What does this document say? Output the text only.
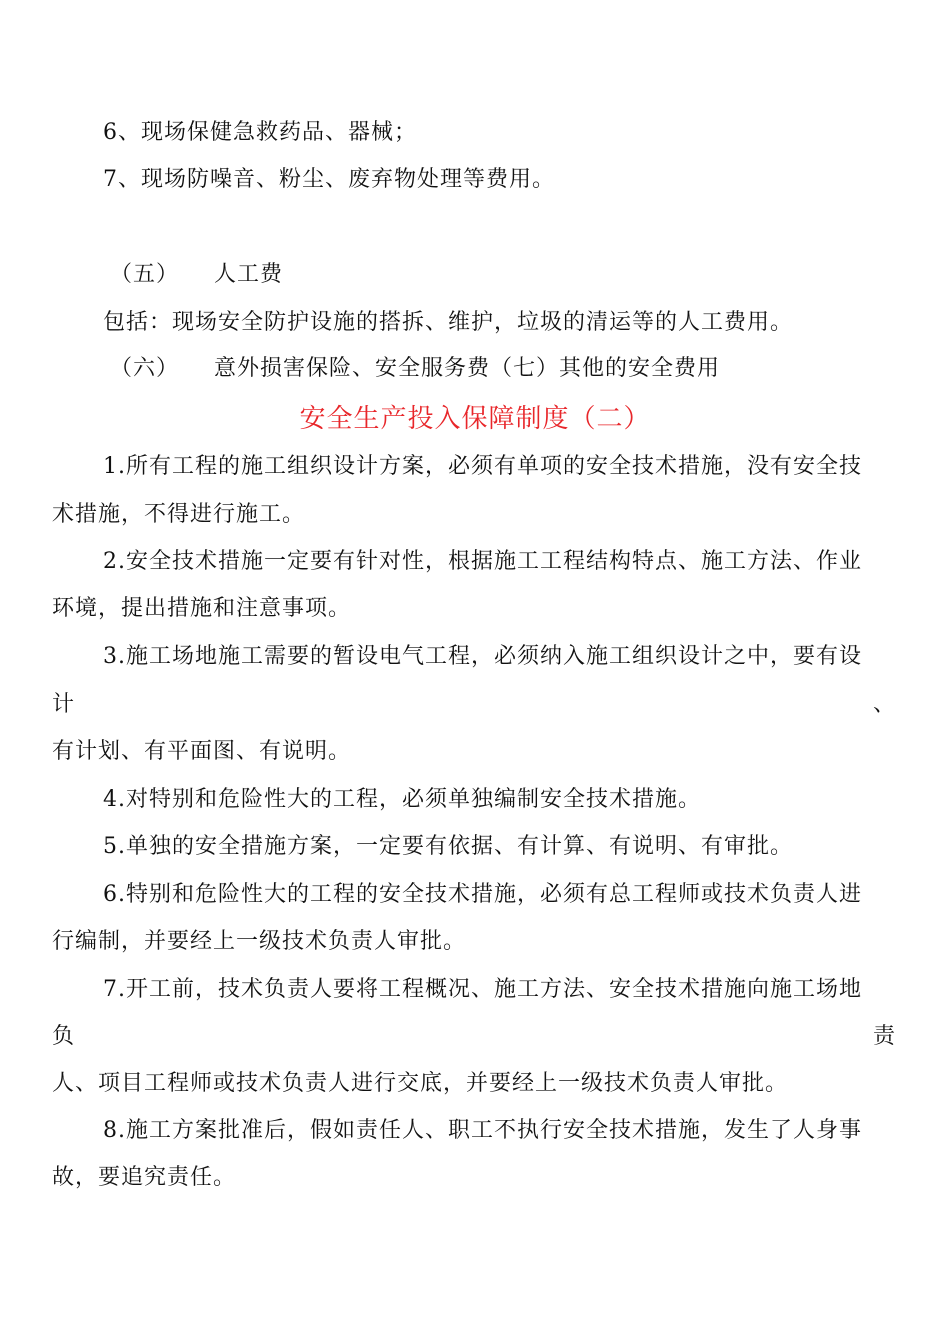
6、现场保健急救药品、器械；
7、现场防噪音、粉尘、废弃物处理等费用。
（五） 人工费
包括：现场安全防护设施的搭拆、维护，垃圾的清运等的人工费用。
（六） 意外损害保险、安全服务费（七）其他的安全费用
安全生产投入保障制度（二）
1.所有工程的施工组织设计方案，必须有单项的安全技术措施，没有安全技
术措施，不得进行施工。
2.安全技术措施一定要有针对性，根据施工工程结构特点、施工方法、作业
环境，提出措施和注意事项。
3.施工场地施工需要的暂设电气工程，必须纳入施工组织设计之中，要有设
计	、
有计划、有平面图、有说明。
4.对特别和危险性大的工程，必须单独编制安全技术措施。
5.单独的安全措施方案，一定要有依据、有计算、有说明、有审批。
6.特别和危险性大的工程的安全技术措施，必须有总工程师或技术负责人进
行编制，并要经上一级技术负责人审批。
7.开工前，技术负责人要将工程概况、施工方法、安全技术措施向施工场地
负	责
人、项目工程师或技术负责人进行交底，并要经上一级技术负责人审批。
8.施工方案批准后，假如责任人、职工不执行安全技术措施，发生了人身事
故，要追究责任。
